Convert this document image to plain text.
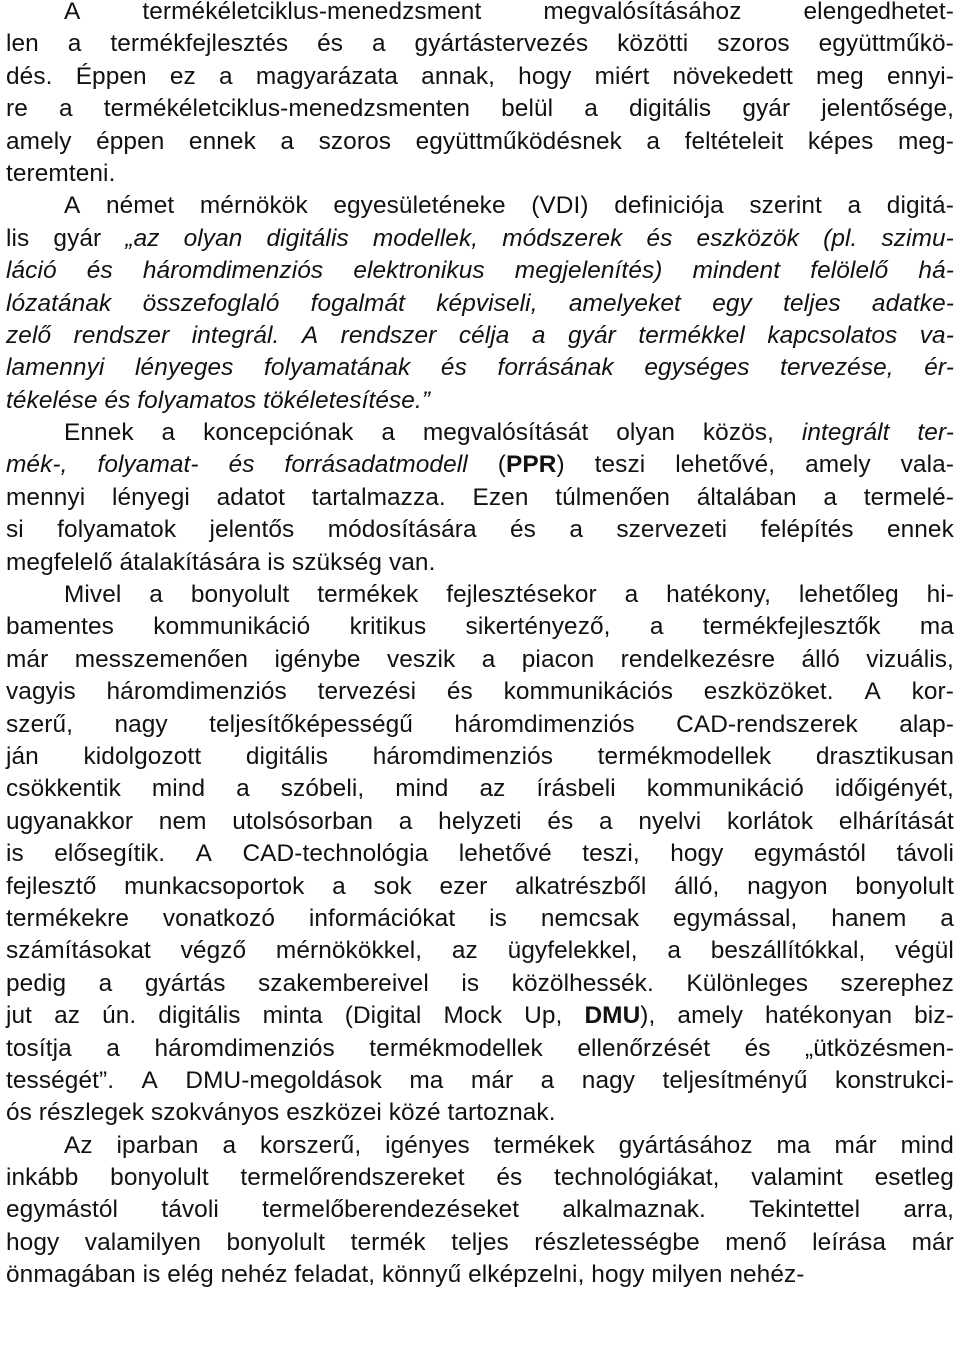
A	termékéletciklus-menedzsment	megvalósításához	elengedhetet-
len a termékfejlesztés és a gyártástervezés közötti szoros együttműkö-
dés. Éppen ez a magyarázata annak, hogy miért növekedett meg ennyi-
re a termékéletciklus-menedzsmenten belül a digitális gyár jelentősége,
amely éppen ennek a szoros együttműködésnek a feltételeit képes meg-
teremteni.
A német mérnökök egyesületéneke (VDI) definiciója szerint a digitá-
lis gyár „az olyan digitális modellek, módszerek és eszközök (pl. szimu-
láció és háromdimenziós elektronikus megjelenítés) mindent felölelő há-
lózatának összefoglaló fogalmát képviseli, amelyeket egy teljes adatke-
zelő rendszer integrál. A rendszer célja a gyár termékkel kapcsolatos va-
lamennyi lényeges folyamatának és forrásának egységes tervezése, ér-
tékelése és folyamatos tökéletesítése.”
Ennek a koncepciónak a megvalósítását olyan közös, integrált ter-
mék-, folyamat- és forrásadatmodell (PPR) teszi lehetővé, amely vala-
mennyi lényegi adatot tartalmazza. Ezen túlmenően általában a termelé-
si folyamatok jelentős módosítására és a szervezeti felépítés ennek
megfelelő átalakítására is szükség van.
Mivel a bonyolult termékek fejlesztésekor a hatékony, lehetőleg hi-
bamentes kommunikáció kritikus sikertényező, a termékfejlesztők ma
már messzemenően igénybe veszik a piacon rendelkezésre álló vizuális,
vagyis háromdimenziós tervezési és kommunikációs eszközöket. A kor-
szerű, nagy teljesítőképességű háromdimenziós CAD-rendszerek alap-
ján kidolgozott digitális háromdimenziós termékmodellek drasztikusan
csökkentik mind a szóbeli, mind az írásbeli kommunikáció időigényét,
ugyanakkor nem utolsósorban a helyzeti és a nyelvi korlátok elhárítását
is elősegítik. A CAD-technológia lehetővé teszi, hogy egymástól távoli
fejlesztő munkacsoportok a sok ezer alkatrészből álló, nagyon bonyolult
termékekre vonatkozó információkat is nemcsak egymással, hanem a
számításokat végző mérnökökkel, az ügyfelekkel, a beszállítókkal, végül
pedig a gyártás szakembereivel is közölhessék. Különleges szerephez
jut az ún. digitális minta (Digital Mock Up, DMU), amely hatékonyan biz-
tosítja a háromdimenziós termékmodellek ellenőrzését és „ütközésmen-
tességét”. A DMU-megoldások ma már a nagy teljesítményű konstrukci-
ós részlegek szokványos eszközei közé tartoznak.
Az iparban a korszerű, igényes termékek gyártásához ma már mind
inkább bonyolult termelőrendszereket és technológiákat, valamint esetleg
egymástól távoli termelőberendezéseket alkalmaznak. Tekintettel arra,
hogy valamilyen bonyolult termék teljes részletességbe menő leírása már
önmagában is elég nehéz feladat, könnyű elképzelni, hogy milyen nehéz-
